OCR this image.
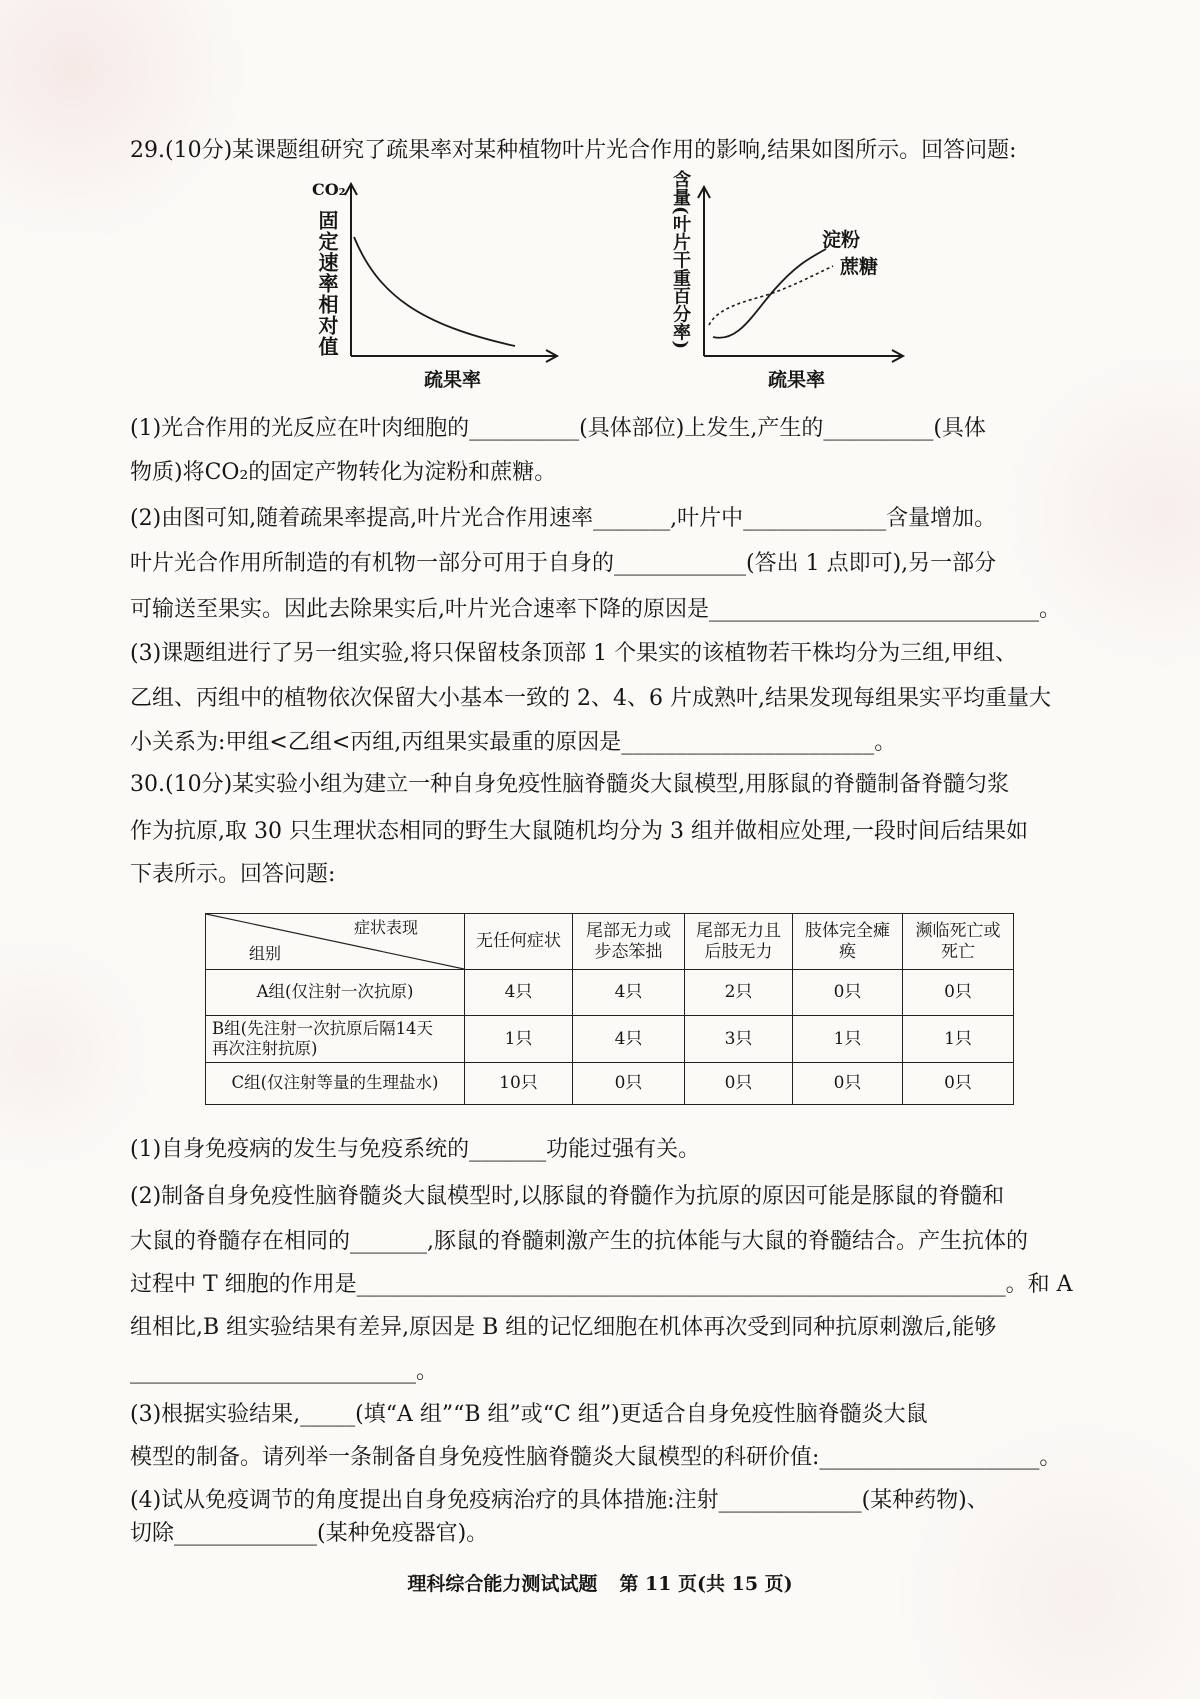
29.(10分)某课题组研究了疏果率对某种植物叶片光合作用的影响,结果如图所示。回答问题:
CO₂
固定速率相对值
疏果率
含量(叶片干重百分率)
疏果率
淀粉
蔗糖
(1)光合作用的光反应在叶肉细胞的__________(具体部位)上发生,产生的__________(具体
物质)将CO₂的固定产物转化为淀粉和蔗糖。
(2)由图可知,随着疏果率提高,叶片光合作用速率_______,叶片中_____________含量增加。
叶片光合作用所制造的有机物一部分可用于自身的____________(答出 1 点即可),另一部分
可输送至果实。因此去除果实后,叶片光合速率下降的原因是______________________________。
(3)课题组进行了另一组实验,将只保留枝条顶部 1 个果实的该植物若干株均分为三组,甲组、
乙组、丙组中的植物依次保留大小基本一致的 2、4、6 片成熟叶,结果发现每组果实平均重量大
小关系为:甲组<乙组<丙组,丙组果实最重的原因是_______________________。
30.(10分)某实验小组为建立一种自身免疫性脑脊髓炎大鼠模型,用豚鼠的脊髓制备脊髓匀浆
作为抗原,取 30 只生理状态相同的野生大鼠随机均分为 3 组并做相应处理,一段时间后结果如
下表所示。回答问题:
症状表现
组别	无任何症状	尾部无力或步态笨拙	尾部无力且后肢无力	肢体完全瘫痪	濒临死亡或死亡
A组(仅注射一次抗原)	4只	4只	2只	0只	0只

B组(先注射一次抗原后隔14天再次注射抗原)	1只	4只	3只	1只	1只
C组(仅注射等量的生理盐水)	10只	0只	0只	0只	0只
(1)自身免疫病的发生与免疫系统的_______功能过强有关。
(2)制备自身免疫性脑脊髓炎大鼠模型时,以豚鼠的脊髓作为抗原的原因可能是豚鼠的脊髓和
大鼠的脊髓存在相同的_______,豚鼠的脊髓刺激产生的抗体能与大鼠的脊髓结合。产生抗体的
过程中 T 细胞的作用是___________________________________________________________。和 A
组相比,B 组实验结果有差异,原因是 B 组的记忆细胞在机体再次受到同种抗原刺激后,能够
__________________________。
(3)根据实验结果,_____(填“A 组”“B 组”或“C 组”)更适合自身免疫性脑脊髓炎大鼠
模型的制备。请列举一条制备自身免疫性脑脊髓炎大鼠模型的科研价值:____________________。
(4)试从免疫调节的角度提出自身免疫病治疗的具体措施:注射_____________(某种药物)、
切除_____________(某种免疫器官)。
理科综合能力测试试题 第 11 页(共 15 页)
